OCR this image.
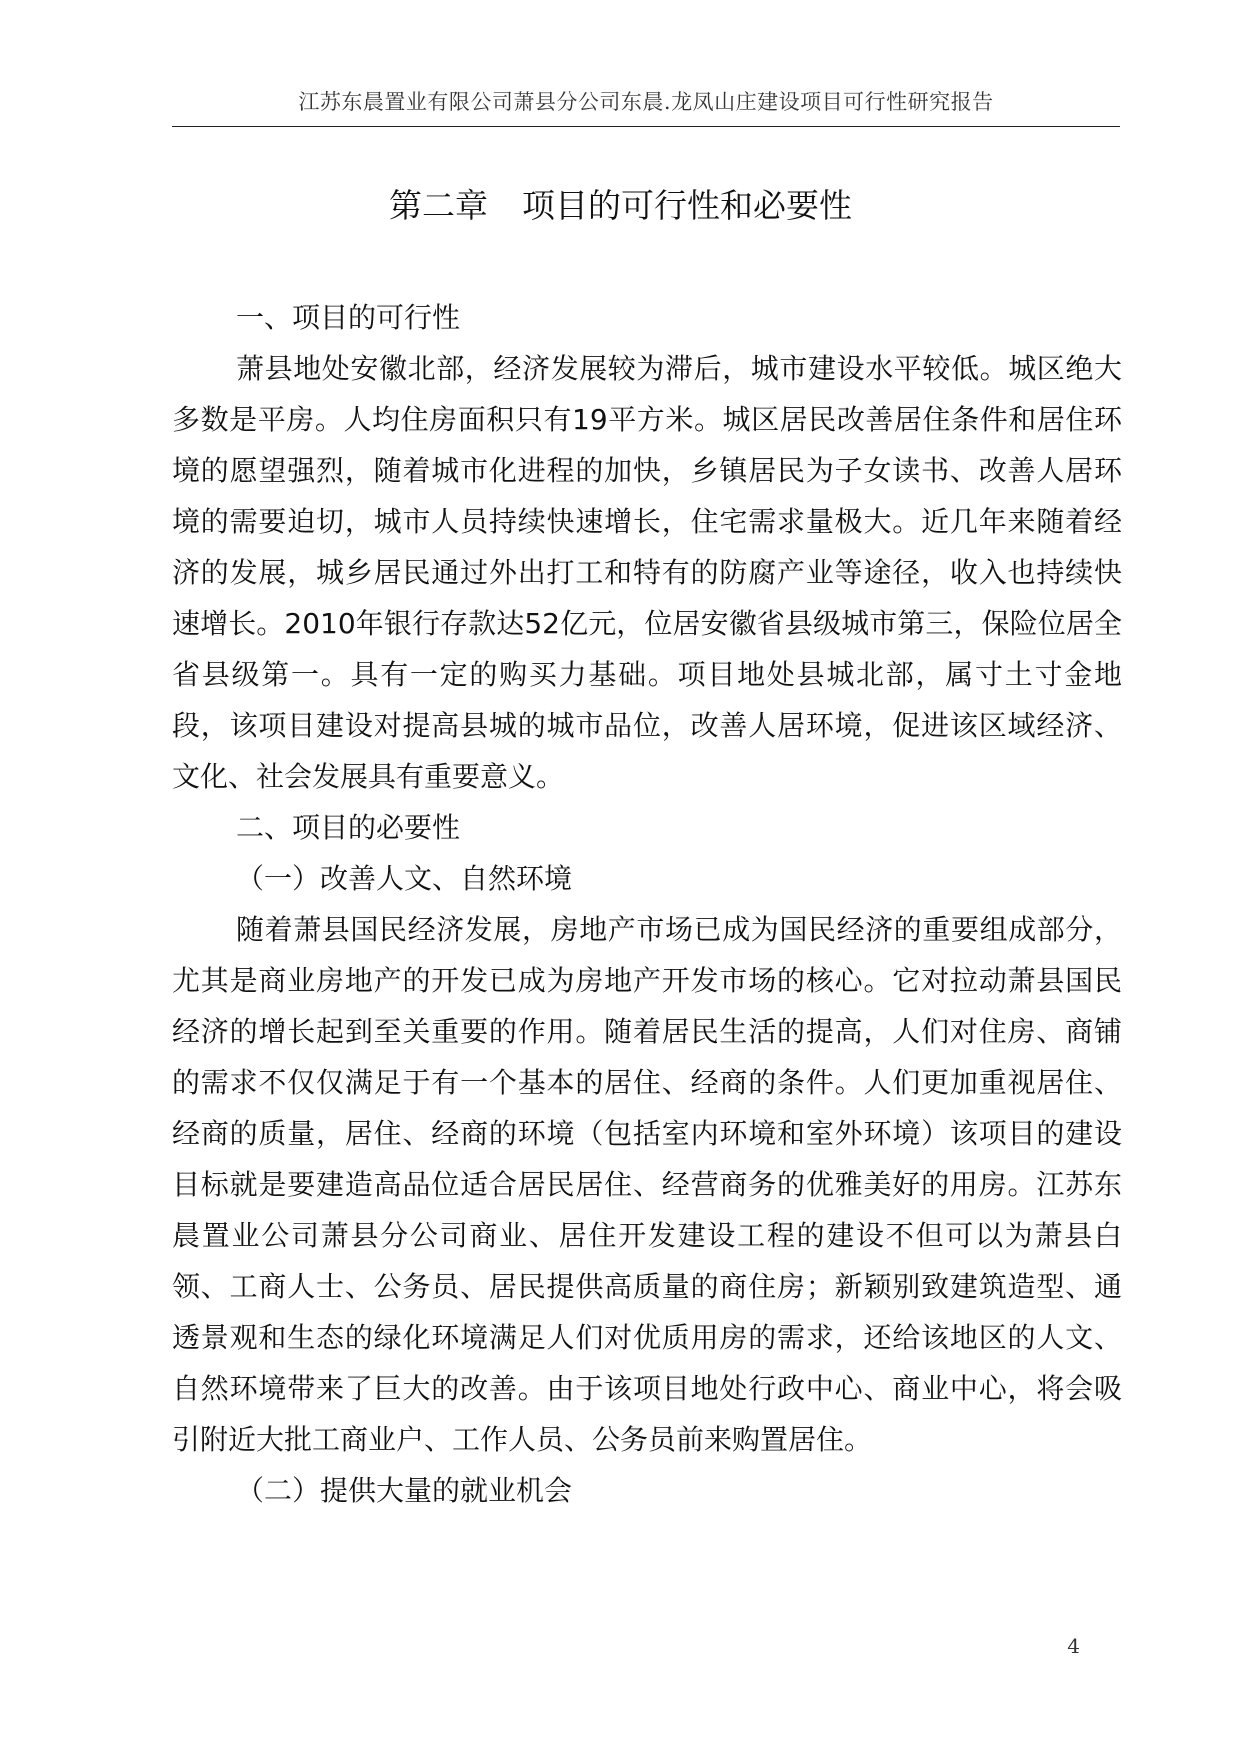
江苏东晨置业有限公司萧县分公司东晨.龙凤山庄建设项目可行性研究报告
第二章 项目的可行性和必要性

一、项目的可行性

萧县地处安徽北部，经济发展较为滞后，城市建设水平较低。城区绝大多数是平房。人均住房面积只有19平方米。城区居民改善居住条件和居住环境的愿望强烈，随着城市化进程的加快，乡镇居民为子女读书、改善人居环境的需要迫切，城市人员持续快速增长，住宅需求量极大。近几年来随着经济的发展，城乡居民通过外出打工和特有的防腐产业等途径，收入也持续快速增长。2010年银行存款达52亿元，位居安徽省县级城市第三，保险位居全省县级第一。具有一定的购买力基础。项目地处县城北部，属寸土寸金地段，该项目建设对提高县城的城市品位，改善人居环境，促进该区域经济、文化、社会发展具有重要意义。

二、项目的必要性

（一）改善人文、自然环境

随着萧县国民经济发展，房地产市场已成为国民经济的重要组成部分，尤其是商业房地产的开发已成为房地产开发市场的核心。它对拉动萧县国民经济的增长起到至关重要的作用。随着居民生活的提高，人们对住房、商铺的需求不仅仅满足于有一个基本的居住、经商的条件。人们更加重视居住、经商的质量，居住、经商的环境（包括室内环境和室外环境）该项目的建设目标就是要建造高品位适合居民居住、经营商务的优雅美好的用房。江苏东晨置业公司萧县分公司商业、居住开发建设工程的建设不但可以为萧县白领、工商人士、公务员、居民提供高质量的商住房；新颖别致建筑造型、通透景观和生态的绿化环境满足人们对优质用房的需求，还给该地区的人文、自然环境带来了巨大的改善。由于该项目地处行政中心、商业中心，将会吸引附近大批工商业户、工作人员、公务员前来购置居住。

（二）提供大量的就业机会

4
